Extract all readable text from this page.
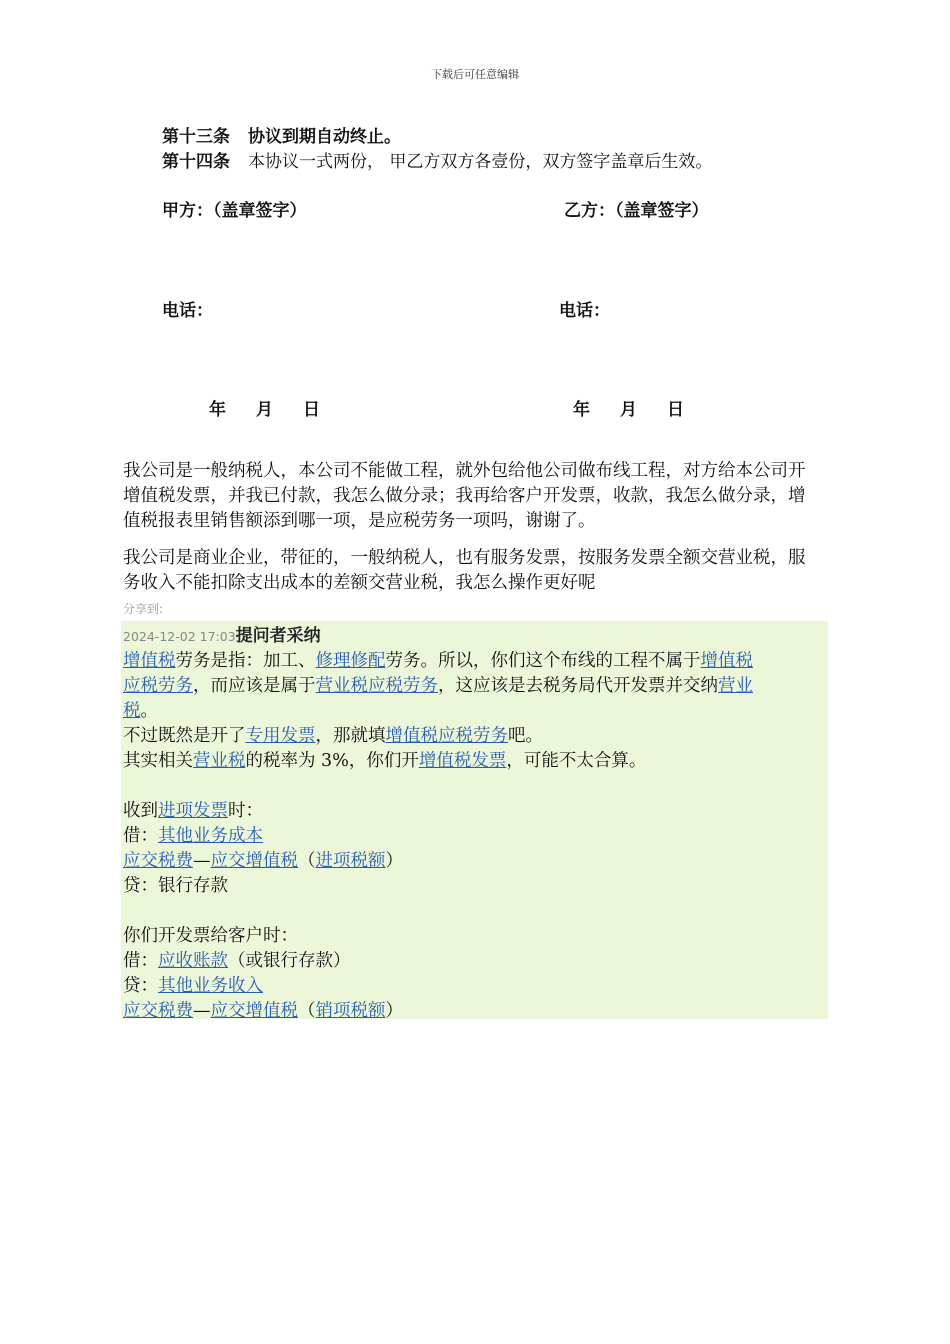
下载后可任意编辑
第十三条 协议到期自动终止。
第十四条 本协议一式两份， 甲乙方双方各壹份，双方签字盖章后生效。
甲方：（盖章签字）	乙方：（盖章签字）
电话：	电话：
年 月 日	年 月 日

我公司是一般纳税人，本公司不能做工程，就外包给他公司做布线工程，对方给本公司开增值税发票，并我已付款，我怎么做分录；我再给客户开发票，收款，我怎么做分录，增值税报表里销售额添到哪一项，是应税劳务一项吗，谢谢了。

我公司是商业企业，带征的，一般纳税人，也有服务发票，按服务发票全额交营业税，服务收入不能扣除支出成本的差额交营业税，我怎么操作更好呢

分享到:
2024-12-02 17:03提问者采纳
增值税劳务是指：加工、修理修配劳务。所以，你们这个布线的工程不属于增值税
应税劳务，而应该是属于营业税应税劳务，这应该是去税务局代开发票并交纳营业
税。
不过既然是开了专用发票，那就填增值税应税劳务吧。
其实相关营业税的税率为 3%，你们开增值税发票，可能不太合算。
收到进项发票时：
借：其他业务成本
应交税费—应交增值税（进项税额）
贷：银行存款
你们开发票给客户时：
借：应收账款（或银行存款）
贷：其他业务收入
应交税费—应交增值税（销项税额）
